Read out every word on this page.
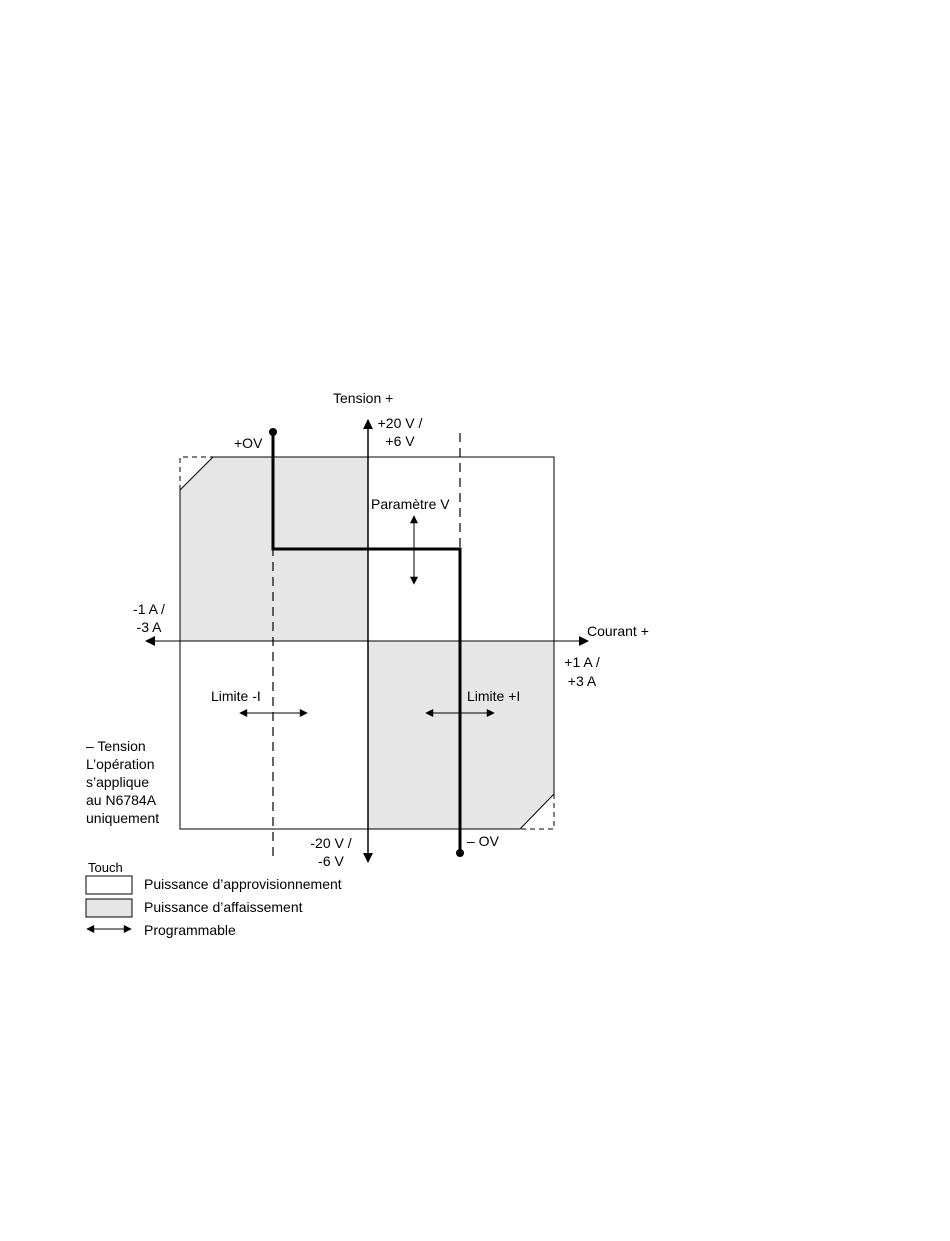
Tension +
+20 V /
+6 V
-20 V /
-6 V
Courant +
-1 A /
-3 A
+1 A /
+3 A
+OV
– OV
Paramètre V
Limite -I	Limite +I
– Tension
L’opération
s’applique
au N6784A
uniquement
Touch
Puissance d’approvisionnement
Puissance d’affaissement
Programmable
